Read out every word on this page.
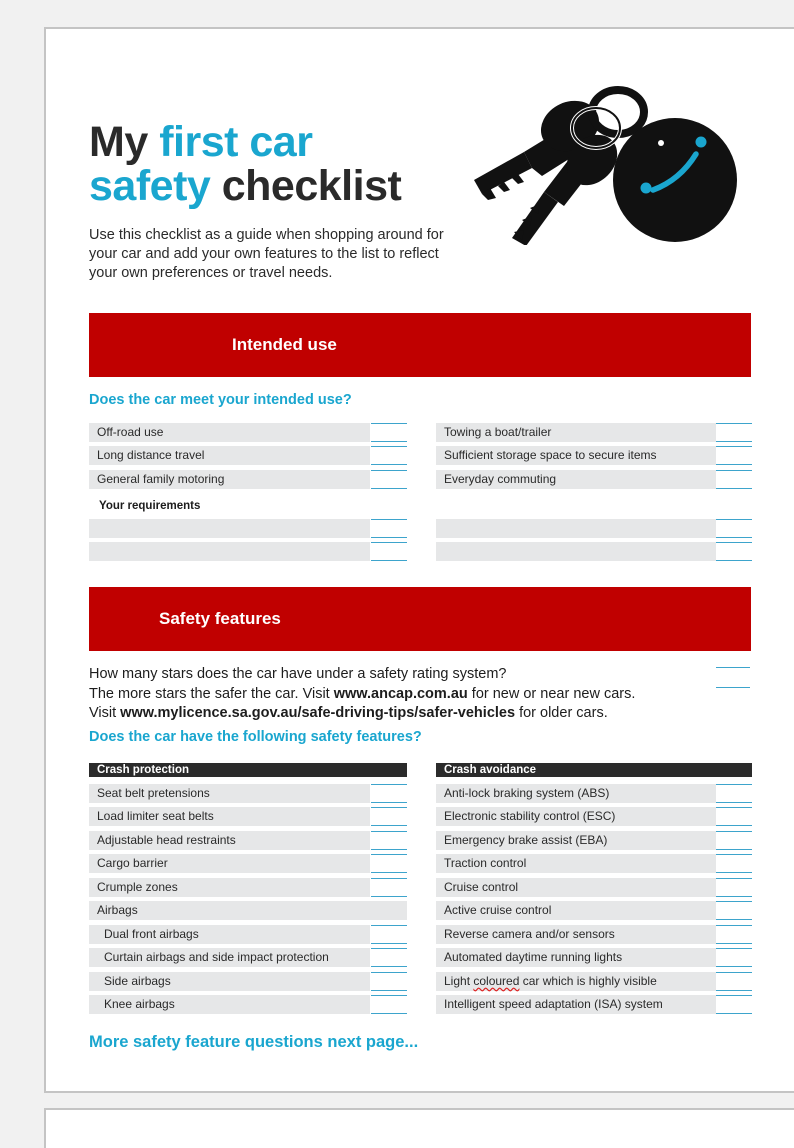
My first car
safety checklist

Use this checklist as a guide when shopping around for your car and add your own features to the list to reflect your own preferences or travel needs.

Intended use
Does the car meet your intended use?
Off-road use
Long distance travel
General family motoring
Towing a boat/trailer
Sufficient storage space to secure items
Everyday commuting
Your requirements
Safety features
How many stars does the car have under a safety rating system?
The more stars the safer the car. Visit www.ancap.com.au for new or near new cars.
Visit www.mylicence.sa.gov.au/safe-driving-tips/safer-vehicles for older cars.
Does the car have the following safety features?
Crash protection	Crash avoidance
Seat belt pretensions
Load limiter seat belts
Adjustable head restraints
Cargo barrier
Crumple zones
Airbags
Dual front airbags
Curtain airbags and side impact protection
Side airbags
Knee airbags
Anti-lock braking system (ABS)
Electronic stability control (ESC)
Emergency brake assist (EBA)
Traction control
Cruise control
Active cruise control
Reverse camera and/or sensors
Automated daytime running lights
Light coloured car which is highly visible
Intelligent speed adaptation (ISA) system
More safety feature questions next page...
